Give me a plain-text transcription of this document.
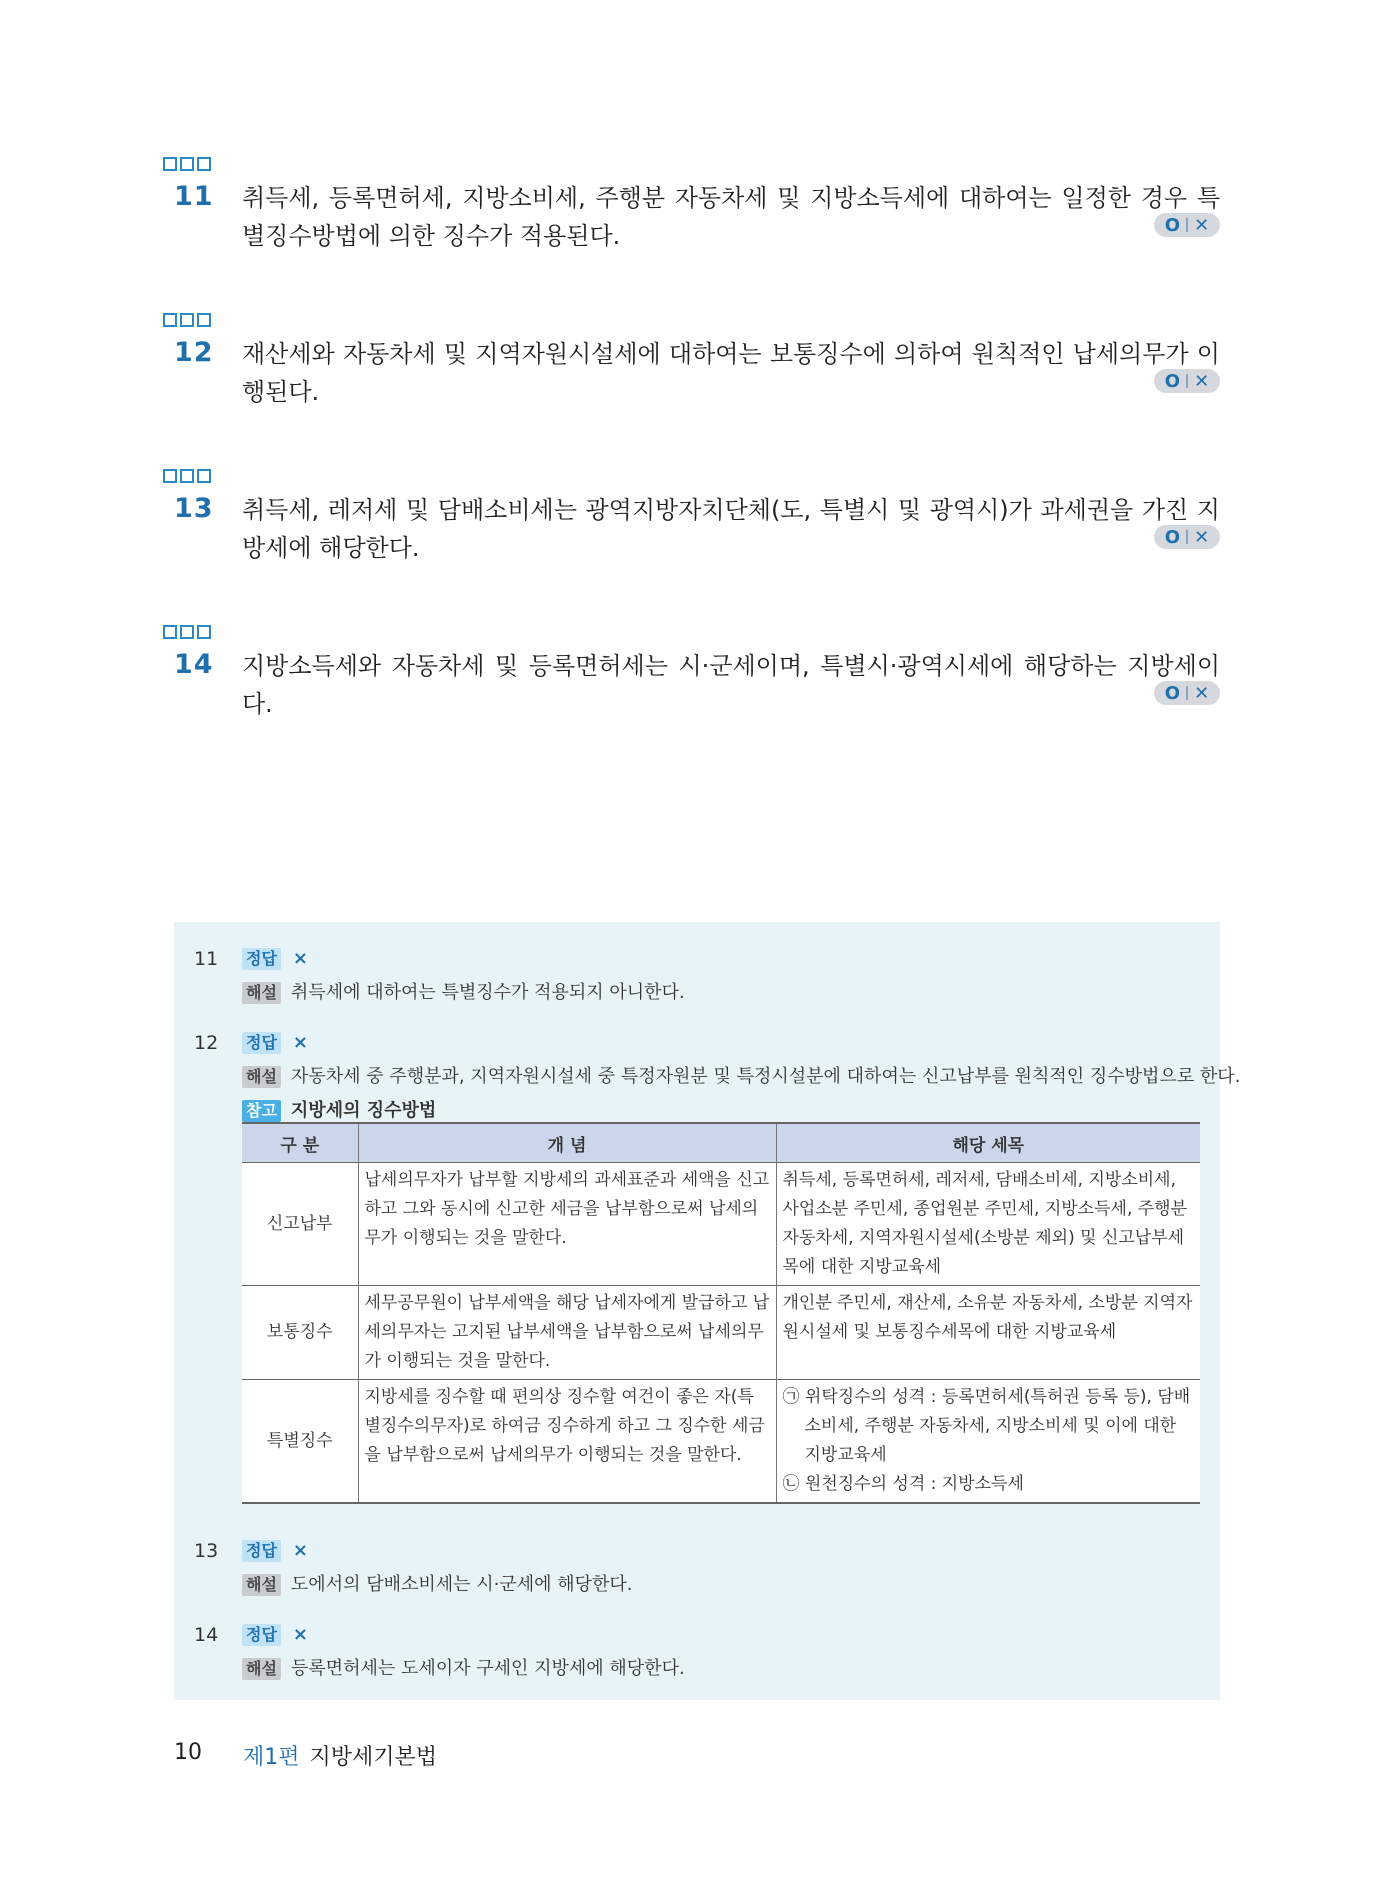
11 취득세, 등록면허세, 지방소비세, 주행분 자동차세 및 지방소득세에 대하여는 일정한 경우 특별징수방법에 의한 징수가 적용된다.	O ✕
12 재산세와 자동차세 및 지역자원시설세에 대하여는 보통징수에 의하여 원칙적인 납세의무가 이행된다.	O ✕
13 취득세, 레저세 및 담배소비세는 광역지방자치단체(도, 특별시 및 광역시)가 과세권을 가진 지방세에 해당한다.	O ✕
14 지방소득세와 자동차세 및 등록면허세는 시·군세이며, 특별시·광역시세에 해당하는 지방세이다.	O ✕
11 정답 ×
해설 취득세에 대하여는 특별징수가 적용되지 아니한다.
12 정답 ×
해설 자동차세 중 주행분과, 지역자원시설세 중 특정자원분 및 특정시설분에 대하여는 신고납부를 원칙적인 징수방법으로 한다.
참고 지방세의 징수방법
구 분	개 념	해당 세목
신고납부	납세의무자가 납부할 지방세의 과세표준과 세액을 신고하고 그와 동시에 신고한 세금을 납부함으로써 납세의무가 이행되는 것을 말한다.	취득세, 등록면허세, 레저세, 담배소비세, 지방소비세, 사업소분 주민세, 종업원분 주민세, 지방소득세, 주행분 자동차세, 지역자원시설세(소방분 제외) 및 신고납부세목에 대한 지방교육세
보통징수	세무공무원이 납부세액을 해당 납세자에게 발급하고 납세의무자는 고지된 납부세액을 납부함으로써 납세의무가 이행되는 것을 말한다.	개인분 주민세, 재산세, 소유분 자동차세, 소방분 지역자원시설세 및 보통징수세목에 대한 지방교육세
특별징수	지방세를 징수할 때 편의상 징수할 여건이 좋은 자(특별징수의무자)로 하여금 징수하게 하고 그 징수한 세금을 납부함으로써 납세의무가 이행되는 것을 말한다.	㉠ 위탁징수의 성격 : 등록면허세(특허권 등록 등), 담배소비세, 주행분 자동차세, 지방소비세 및 이에 대한 지방교육세
㉡ 원천징수의 성격 : 지방소득세
13 정답 ×
해설 도에서의 담배소비세는 시·군세에 해당한다.
14 정답 ×
해설 등록면허세는 도세이자 구세인 지방세에 해당한다.
10 제1편 지방세기본법
